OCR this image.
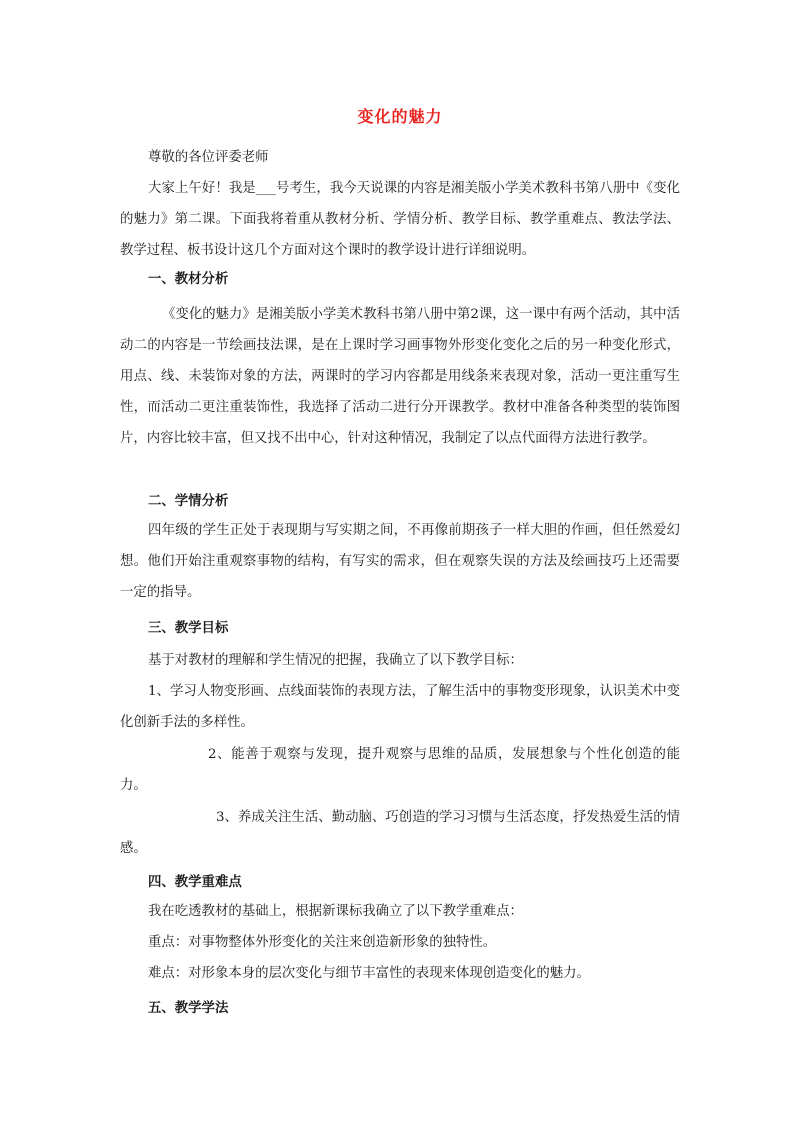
变化的魅力

尊敬的各位评委老师

大家上午好！我是___号考生，我今天说课的内容是湘美版小学美术教科书第八册中《变化的魅力》第二课。下面我将着重从教材分析、学情分析、教学目标、教学重难点、教法学法、教学过程、板书设计这几个方面对这个课时的教学设计进行详细说明。

一、教材分析

《变化的魅力》是湘美版小学美术教科书第八册中第2课，这一课中有两个活动，其中活动二的内容是一节绘画技法课，是在上课时学习画事物外形变化变化之后的另一种变化形式，用点、线、未装饰对象的方法，两课时的学习内容都是用线条来表现对象，活动一更注重写生性，而活动二更注重装饰性，我选择了活动二进行分开课教学。教材中准备各种类型的装饰图片，内容比较丰富，但又找不出中心，针对这种情况，我制定了以点代面得方法进行教学。

二、学情分析

四年级的学生正处于表现期与写实期之间，不再像前期孩子一样大胆的作画，但任然爱幻想。他们开始注重观察事物的结构，有写实的需求，但在观察失误的方法及绘画技巧上还需要一定的指导。

三、教学目标

基于对教材的理解和学生情况的把握，我确立了以下教学目标：

1、学习人物变形画、点线面装饰的表现方法，了解生活中的事物变形现象，认识美术中变化创新手法的多样性。

2、能善于观察与发现，提升观察与思维的品质，发展想象与个性化创造的能力。

3、养成关注生活、勤动脑、巧创造的学习习惯与生活态度，抒发热爱生活的情感。

四、教学重难点

我在吃透教材的基础上，根据新课标我确立了以下教学重难点：

重点：对事物整体外形变化的关注来创造新形象的独特性。

难点：对形象本身的层次变化与细节丰富性的表现来体现创造变化的魅力。

五、教学学法
